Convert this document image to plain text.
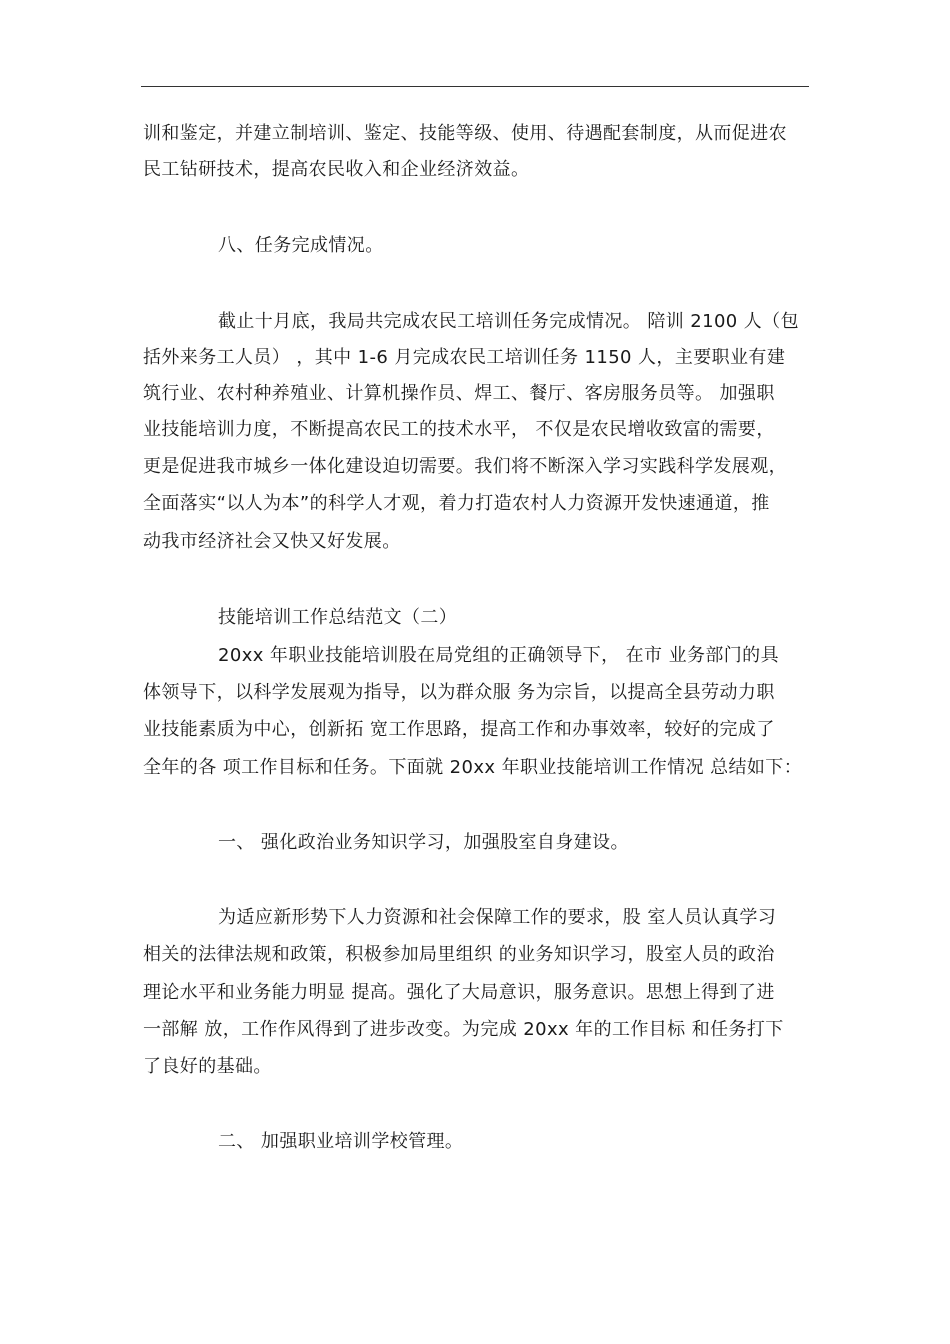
训和鉴定，并建立制培训、鉴定、技能等级、使用、待遇配套制度，从而促进农
民工钻研技术，提高农民收入和企业经济效益。
八、任务完成情况。
截止十月底，我局共完成农民工培训任务完成情况。 陪训 2100 人（包
括外来务工人员） ，其中 1-6 月完成农民工培训任务 1150 人，主要职业有建
筑行业、农村种养殖业、计算机操作员、焊工、餐厅、客房服务员等。 加强职
业技能培训力度，不断提高农民工的技术水平， 不仅是农民增收致富的需要，
更是促进我市城乡一体化建设迫切需要。我们将不断深入学习实践科学发展观，
全面落实“以人为本”的科学人才观，着力打造农村人力资源开发快速通道，推
动我市经济社会又快又好发展。
技能培训工作总结范文（二）
20xx 年职业技能培训股在局党组的正确领导下， 在市 业务部门的具
体领导下，以科学发展观为指导，以为群众服 务为宗旨，以提高全县劳动力职
业技能素质为中心，创新拓 宽工作思路，提高工作和办事效率，较好的完成了
全年的各 项工作目标和任务。下面就 20xx 年职业技能培训工作情况 总结如下：
一、 强化政治业务知识学习，加强股室自身建设。
为适应新形势下人力资源和社会保障工作的要求，股 室人员认真学习
相关的法律法规和政策，积极参加局里组织 的业务知识学习，股室人员的政治
理论水平和业务能力明显 提高。强化了大局意识，服务意识。思想上得到了进
一部解 放，工作作风得到了进步改变。为完成 20xx 年的工作目标 和任务打下
了良好的基础。
二、 加强职业培训学校管理。
